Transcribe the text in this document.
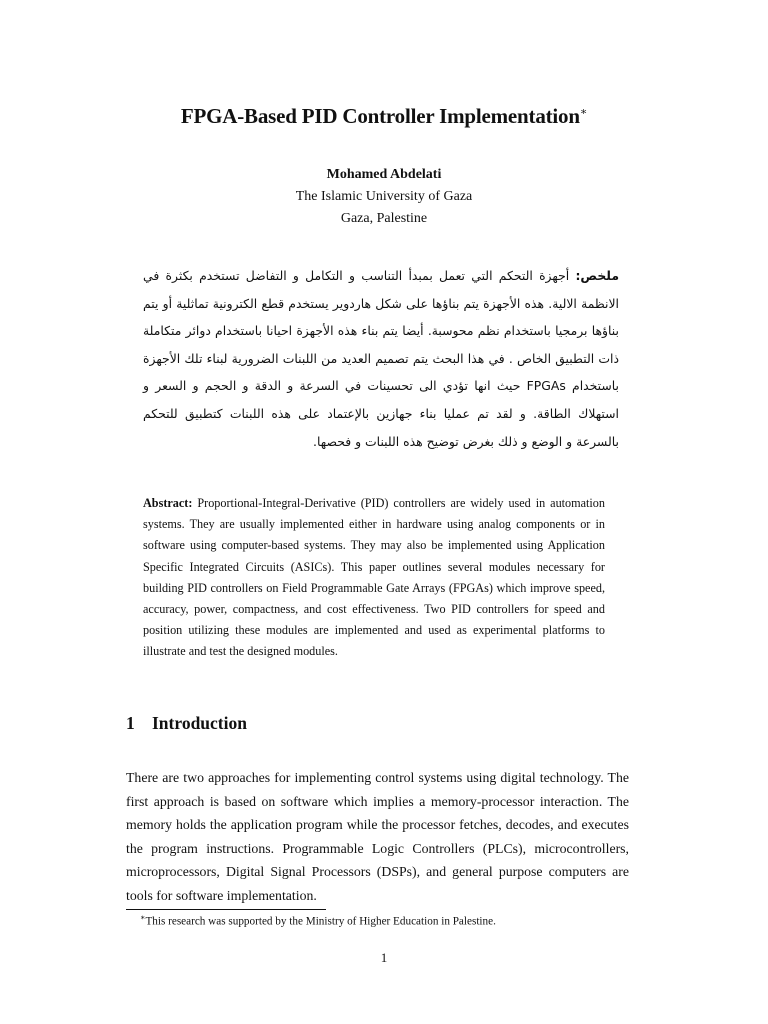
FPGA-Based PID Controller Implementation∗
Mohamed Abdelati
The Islamic University of Gaza
Gaza, Palestine
ملخص: أجهزة التحكم التي تعمل بمبدأ التناسب و التكامل و التفاضل تستخدم بكثرة في الانظمة الالية. هذه الأجهزة يتم بناؤها على شكل هاردوير يستخدم قطع الكترونية تماثلية أو يتم بناؤها برمجيا باستخدام نظم محوسبة. أيضا يتم بناء هذه الأجهزة احيانا باستخدام دوائر متكاملة ذات التطبيق الخاص . في هذا البحث يتم تصميم العديد من اللبنات الضرورية لبناء تلك الأجهزة باستخدام FPGAs حيث انها تؤدي الى تحسينات في السرعة و الدقة و الحجم و السعر و استهلاك الطاقة. و لقد تم عمليا بناء جهازين بالإعتماد على هذه اللبنات كتطبيق للتحكم بالسرعة و الوضع و ذلك بغرض توضيح هذه اللبنات و فحصها.
Abstract: Proportional-Integral-Derivative (PID) controllers are widely used in automation systems. They are usually implemented either in hardware using analog components or in software using computer-based systems. They may also be implemented using Application Specific Integrated Circuits (ASICs). This paper outlines several modules necessary for building PID controllers on Field Programmable Gate Arrays (FPGAs) which improve speed, accuracy, power, compactness, and cost effectiveness. Two PID controllers for speed and position utilizing these modules are implemented and used as experimental platforms to illustrate and test the designed modules.
1 Introduction
There are two approaches for implementing control systems using digital technology. The first approach is based on software which implies a memory-processor interaction. The memory holds the application program while the processor fetches, decodes, and executes the program instructions. Programmable Logic Controllers (PLCs), microcontrollers, microprocessors, Digital Signal Processors (DSPs), and general purpose computers are tools for software implementation.
∗This research was supported by the Ministry of Higher Education in Palestine.
1
